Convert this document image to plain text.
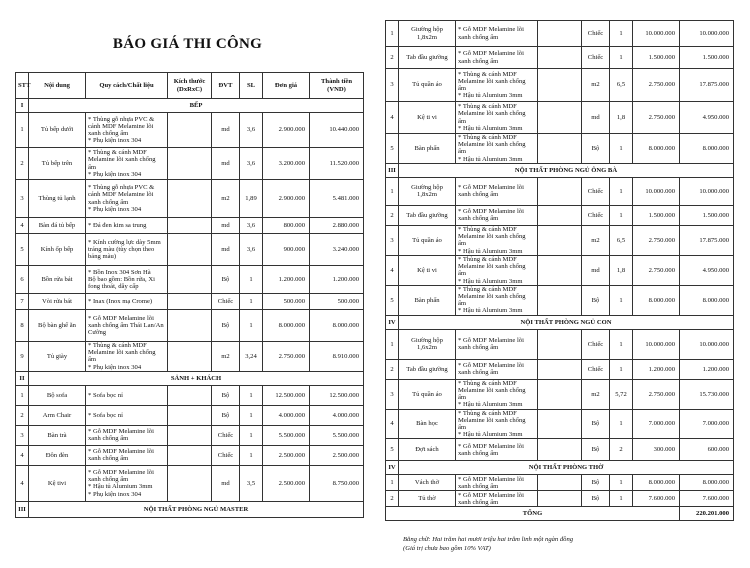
BÁO GIÁ THI CÔNG
STT	Nội dung	Quy cách/Chất liệu	Kích thước (DxRxC)	ĐVT	SL	Đơn giá	Thành tiền (VND)
I	BẾP						
1	Tủ bếp dưới	* Thùng gỗ nhựa PVC & cánh MDF Melamine lõi xanh chống ẩm
* Phụ kiện inox 304		md	3,6	2.900.000	10.440.000
2	Tủ bếp trên	* Thùng & cánh MDF Melamine lõi xanh chống ẩm
* Phụ kiện inox 304		md	3,6	3.200.000	11.520.000
3	Thùng tủ lạnh	* Thùng gỗ nhựa PVC & cánh MDF Melamine lõi xanh chống ẩm
* Phụ kiện inox 304		m2	1,89	2.900.000	5.481.000
4	Bàn đá tủ bếp	* Đá đen kim sa trung		md	3,6	800.000	2.880.000
5	Kính ốp bếp	* Kính cường lực dày 5mm tráng màu (tùy chọn theo bảng màu)		md	3,6	900.000	3.240.000
6	Bồn rửa bát	* Bồn Inox 304 Sơn Hà
Bộ bao gồm: Bồn rửa, Xi fong thoát, dây cấp		Bộ	1	1.200.000	1.200.000
7	Vòi rửa bát	* Inax (Inox mạ Crome)		Chiếc	1	500.000	500.000
8	Bộ bàn ghế ăn	* Gỗ MDF Melamine lõi xanh chống ẩm Thái Lan/An Cường		Bộ	1	8.000.000	8.000.000
9	Tủ giày	* Thùng & cánh MDF Melamine lõi xanh chống ẩm
* Phụ kiện inox 304		m2	3,24	2.750.000	8.910.000
II	SẢNH + KHÁCH						
1	Bộ sofa	* Sofa bọc nỉ		Bộ	1	12.500.000	12.500.000
2	Arm Chair	* Sofa bọc nỉ		Bộ	1	4.000.000	4.000.000
3	Bàn trà	* Gỗ MDF Melamine lõi xanh chống ẩm		Chiếc	1	5.500.000	5.500.000
4	Đôn đèn	* Gỗ MDF Melamine lõi xanh chống ẩm		Chiếc	1	2.500.000	2.500.000
4	Kệ tivi	* Gỗ MDF Melamine lõi xanh chống ẩm
* Hậu tủ Alumium 3mm
* Phụ kiện inox 304		md	3,5	2.500.000	8.750.000
III	NỘI THẤT PHÒNG NGỦ MASTER						
1	Giường hộp 1,8x2m	* Gỗ MDF Melamine lõi xanh chống ẩm		Chiếc	1	10.000.000	10.000.000
2	Tab đầu giường	* Gỗ MDF Melamine lõi xanh chống ẩm		Chiếc	1	1.500.000	1.500.000
3	Tủ quần áo	* Thùng & cánh MDF Melamine lõi xanh chống ẩm
* Hậu tủ Alumium 3mm		m2	6,5	2.750.000	17.875.000
4	Kệ ti vi	* Thùng & cánh MDF Melamine lõi xanh chống ẩm
* Hậu tủ Alumium 3mm		md	1,8	2.750.000	4.950.000
5	Bàn phấn	* Thùng & cánh MDF Melamine lõi xanh chống ẩm
* Hậu tủ Alumium 3mm		Bộ	1	8.000.000	8.000.000
III	NỘI THẤT PHÒNG NGỦ ÔNG BÀ						
1	Giường hộp 1,8x2m	* Gỗ MDF Melamine lõi xanh chống ẩm		Chiếc	1	10.000.000	10.000.000
2	Tab đầu giường	* Gỗ MDF Melamine lõi xanh chống ẩm		Chiếc	1	1.500.000	1.500.000
3	Tủ quần áo	* Thùng & cánh MDF Melamine lõi xanh chống ẩm
* Hậu tủ Alumium 3mm		m2	6,5	2.750.000	17.875.000
4	Kệ ti vi	* Thùng & cánh MDF Melamine lõi xanh chống ẩm
* Hậu tủ Alumium 3mm		md	1,8	2.750.000	4.950.000
5	Bàn phấn	* Thùng & cánh MDF Melamine lõi xanh chống ẩm
* Hậu tủ Alumium 3mm		Bộ	1	8.000.000	8.000.000
IV	NỘI THẤT PHÒNG NGỦ CON						
1	Giường hộp 1,6x2m	* Gỗ MDF Melamine lõi xanh chống ẩm		Chiếc	1	10.000.000	10.000.000
2	Tab đầu giường	* Gỗ MDF Melamine lõi xanh chống ẩm		Chiếc	1	1.200.000	1.200.000
3	Tủ quần áo	* Thùng & cánh MDF Melamine lõi xanh chống ẩm
* Hậu tủ Alumium 3mm		m2	5,72	2.750.000	15.730.000
4	Bàn học	* Thùng & cánh MDF Melamine lõi xanh chống ẩm
* Hậu tủ Alumium 3mm		Bộ	1	7.000.000	7.000.000
5	Đợt sách	* Gỗ MDF Melamine lõi xanh chống ẩm		Bộ	2	300.000	600.000
IV	NỘI THẤT PHÒNG THỜ						
1	Vách thờ	* Gỗ MDF Melamine lõi xanh chống ẩm		Bộ	1	8.000.000	8.000.000
2	Tủ thờ	* Gỗ MDF Melamine lõi xanh chống ẩm		Bộ	1	7.600.000	7.600.000
TỔNG							220.201.000
Bằng chữ: Hai trăm hai mươi triệu hai trăm linh một ngàn đồng
(Giá trị chưa bao gồm 10% VAT)
